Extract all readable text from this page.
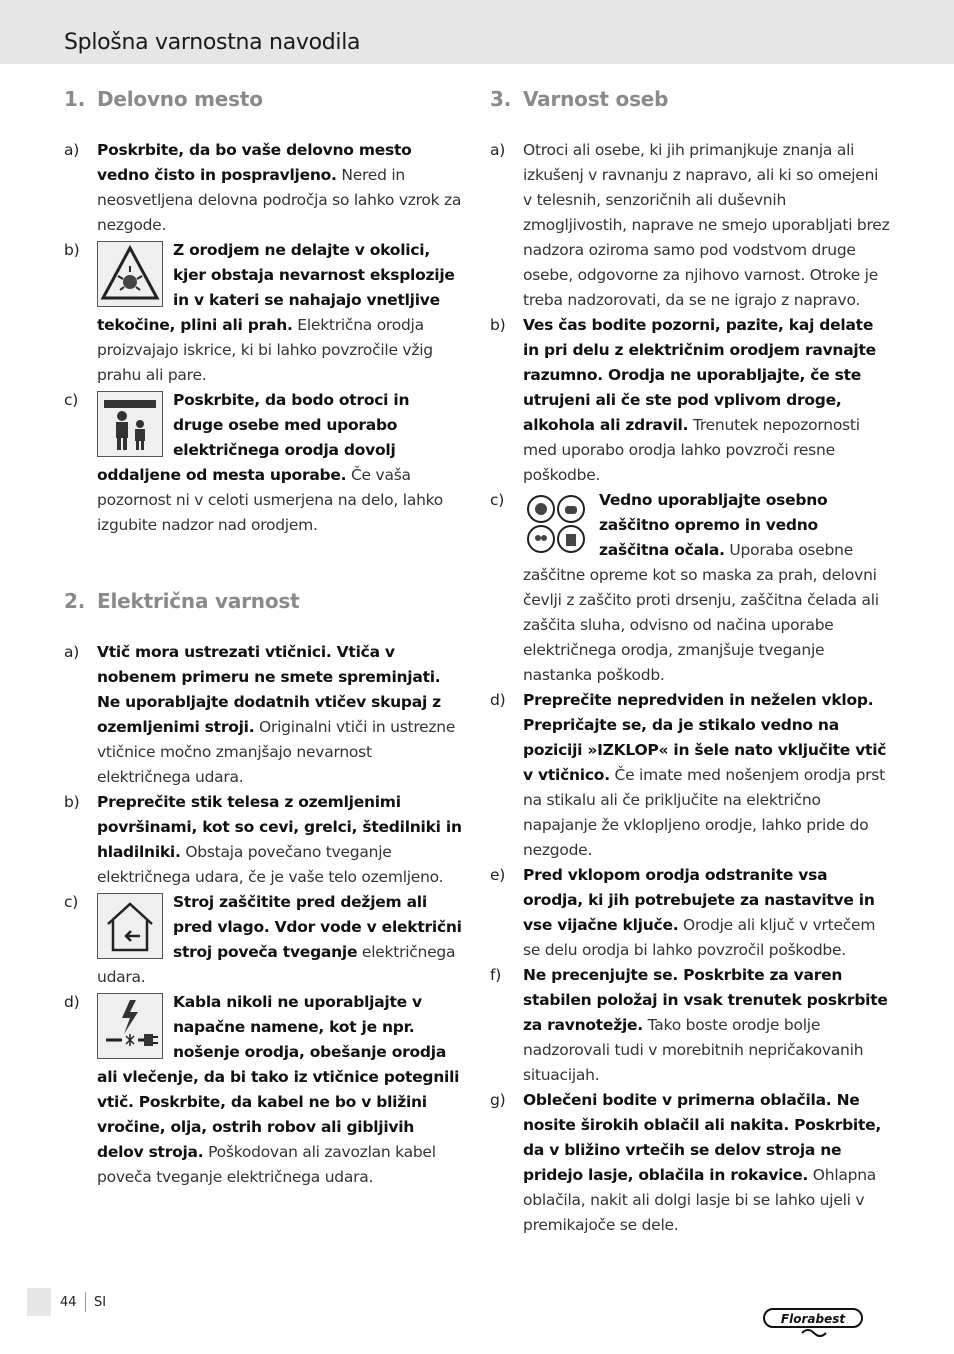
Splošna varnostna navodila
1. Delovno mesto
a)	Poskrbite, da bo vaše delovno mesto vedno čisto in pospravljeno. Nered in neosvetljena delovna področja so lahko vzrok za nezgode.
b)	Z orodjem ne delajte v okolici, kjer obstaja nevarnost eksplozije in v kateri se nahajajo vnetljive tekočine, plini ali prah. Električna orodja proizvajajo iskrice, ki bi lahko povzročile vžig prahu ali pare.
c)	Poskrbite, da bodo otroci in druge osebe med uporabo električnega orodja dovolj oddaljene od mesta uporabe. Če vaša pozornost ni v celoti usmerjena na delo, lahko izgubite nadzor nad orodjem.
2. Električna varnost
a)	Vtič mora ustrezati vtičnici. Vtiča v nobenem primeru ne smete spreminjati. Ne uporabljajte dodatnih vtičev skupaj z ozemljenimi stroji. Originalni vtiči in ustrezne vtičnice močno zmanjšajo nevarnost električnega udara.
b)	Preprečite stik telesa z ozemljenimi površinami, kot so cevi, grelci, štedilniki in hladilniki. Obstaja povečano tveganje električnega udara, če je vaše telo ozemljeno.
c)	Stroj zaščitite pred dežjem ali pred vlago. Vdor vode v električni stroj poveča tveganje električnega udara.
d)	Kabla nikoli ne uporabljajte v napačne namene, kot je npr. nošenje orodja, obešanje orodja ali vlečenje, da bi tako iz vtičnice potegnili vtič. Poskrbite, da kabel ne bo v bližini vročine, olja, ostrih robov ali gibljivih delov stroja. Poškodovan ali zavozlan kabel poveča tveganje električnega udara.
3. Varnost oseb
a)	Otroci ali osebe, ki jih primanjkuje znanja ali izkušenj v ravnanju z napravo, ali ki so omejeni v telesnih, senzoričnih ali duševnih zmogljivostih, naprave ne smejo uporabljati brez nadzora oziroma samo pod vodstvom druge osebe, odgovorne za njihovo varnost. Otroke je treba nadzorovati, da se ne igrajo z napravo.
b)	Ves čas bodite pozorni, pazite, kaj delate in pri delu z električnim orodjem ravnajte razumno. Orodja ne uporabljajte, če ste utrujeni ali če ste pod vplivom droge, alkohola ali zdravil. Trenutek nepozornosti med uporabo orodja lahko povzroči resne poškodbe.
c)	Vedno uporabljajte osebno zaščitno opremo in vedno zaščitna očala. Uporaba osebne zaščitne opreme kot so maska za prah, delovni čevlji z zaščito proti drsenju, zaščitna čelada ali zaščita sluha, odvisno od načina uporabe električnega orodja, zmanjšuje tveganje nastanka poškodb.
d)	Preprečite nepredviden in neželen vklop. Prepričajte se, da je stikalo vedno na poziciji »IZKLOP« in šele nato vključite vtič v vtičnico. Če imate med nošenjem orodja prst na stikalu ali če priključite na električno napajanje že vklopljeno orodje, lahko pride do nezgode.
e)	Pred vklopom orodja odstranite vsa orodja, ki jih potrebujete za nastavitve in vse vijačne ključe. Orodje ali ključ v vrtečem se delu orodja bi lahko povzročil poškodbe.
f)	Ne precenjujte se. Poskrbite za varen stabilen položaj in vsak trenutek poskrbite za ravnotežje. Tako boste orodje bolje nadzorovali tudi v morebitnih nepričakovanih situacijah.
g)	Oblečeni bodite v primerna oblačila. Ne nosite širokih oblačil ali nakita. Poskrbite, da v bližino vrtečih se delov stroja ne pridejo lasje, oblačila in rokavice. Ohlapna oblačila, nakit ali dolgi lasje bi se lahko ujeli v premikajoče se dele.
44 SI
Florabest
